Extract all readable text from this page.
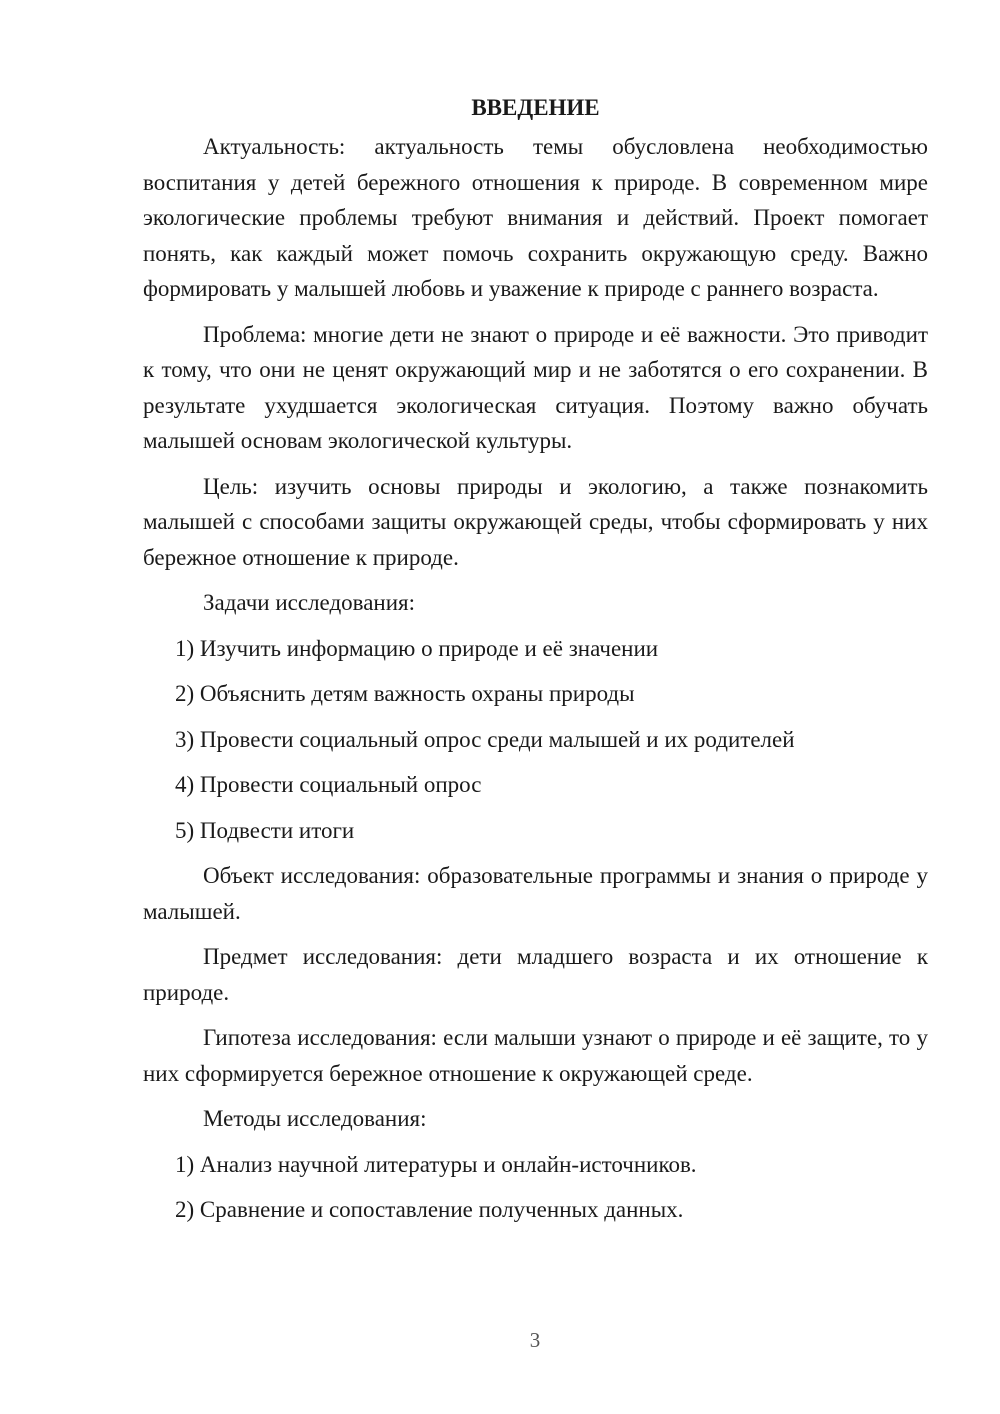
ВВЕДЕНИЕ

Актуальность: актуальность темы обусловлена необходимостью воспитания у детей бережного отношения к природе. В современном мире экологические проблемы требуют внимания и действий. Проект помогает понять, как каждый может помочь сохранить окружающую среду. Важно формировать у малышей любовь и уважение к природе с раннего возраста.

Проблема: многие дети не знают о природе и её важности. Это приводит к тому, что они не ценят окружающий мир и не заботятся о его сохранении. В результате ухудшается экологическая ситуация. Поэтому важно обучать малышей основам экологической культуры.

Цель: изучить основы природы и экологию, а также познакомить малышей с способами защиты окружающей среды, чтобы сформировать у них бережное отношение к природе.

Задачи исследования:
1) Изучить информацию о природе и её значении
2) Объяснить детям важность охраны природы
3) Провести социальный опрос среди малышей и их родителей
4) Провести социальный опрос
5) Подвести итоги

Объект исследования: образовательные программы и знания о природе у малышей.

Предмет исследования: дети младшего возраста и их отношение к природе.

Гипотеза исследования: если малыши узнают о природе и её защите, то у них сформируется бережное отношение к окружающей среде.

Методы исследования:
1) Анализ научной литературы и онлайн-источников.
2) Сравнение и сопоставление полученных данных.
3
